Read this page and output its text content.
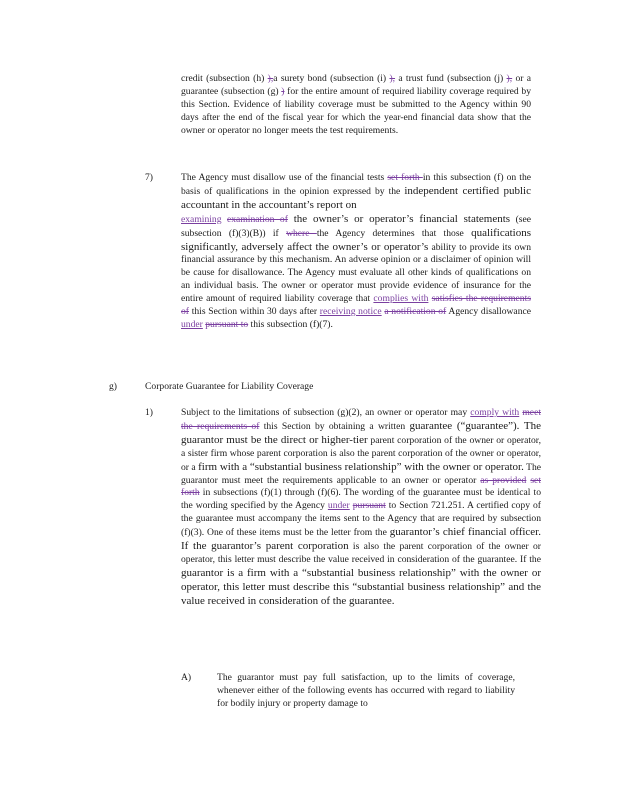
credit (subsection (h) ),a surety bond (subsection (i) ), a trust fund (subsection (j) ), or a guarantee (subsection (g) ) for the entire amount of required liability coverage required by this Section. Evidence of liability coverage must be submitted to the Agency within 90 days after the end of the fiscal year for which the year-end financial data show that the owner or operator no longer meets the test requirements.
7)	The Agency must disallow use of the financial tests set forth in this subsection (f) on the basis of qualifications in the opinion expressed by the independent certified public accountant in the accountant’s report on
examining examination of the owner’s or operator’s financial statements (see subsection (f)(3)(B)) if where the Agency determines that those qualifications significantly, adversely affect the owner’s or operator’s ability to provide its own financial assurance by this mechanism. An adverse opinion or a disclaimer of opinion will be cause for disallowance. The Agency must evaluate all other kinds of qualifications on an individual basis. The owner or operator must provide evidence of insurance for the entire amount of required liability coverage that complies with satisfies the requirements of this Section within 30 days after receiving notice a notification of Agency disallowance under pursuant to this subsection (f)(7).
g)	Corporate Guarantee for Liability Coverage
1)	Subject to the limitations of subsection (g)(2), an owner or operator may comply with meet the requirements of this Section by obtaining a written guarantee (“guarantee”). The guarantor must be the direct or higher-tier parent corporation of the owner or operator, a sister firm whose parent corporation is also the parent corporation of the owner or operator, or a firm with a “substantial business relationship” with the owner or operator. The guarantor must meet the requirements applicable to an owner or operator as provided set forth in subsections (f)(1) through (f)(6). The wording of the guarantee must be identical to the wording specified by the Agency under pursuant to Section 721.251. A certified copy of the guarantee must accompany the items sent to the Agency that are required by subsection (f)(3). One of these items must be the letter from the guarantor’s chief financial officer. If the guarantor’s parent corporation is also the parent corporation of the owner or operator, this letter must describe the value received in consideration of the guarantee. If the guarantor is a firm with a “substantial business relationship” with the owner or operator, this letter must describe this “substantial business relationship” and the value received in consideration of the guarantee.
A)	The guarantor must pay full satisfaction, up to the limits of coverage, whenever either of the following events has occurred with regard to liability for bodily injury or property damage to
